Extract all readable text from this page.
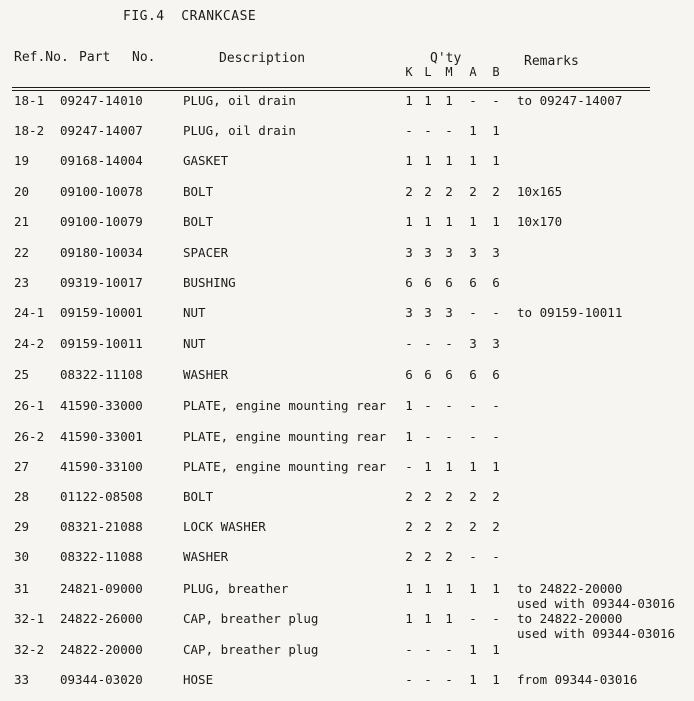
FIG.4  CRANKCASE
Ref.No. Part No.	Description	Q'ty	Remarks
K L	M	A	B
18-1 09247-14010	PLUG, oil drain	1 1	1	-	-	to 09247-14007
18-2 09247-14007	PLUG, oil drain	- -	-	1	1
19 09168-14004	GASKET	1 1	1	1	1
20 09100-10078	BOLT	2 2	2	2	2	10x165
21 09100-10079	BOLT	1 1	1	1	1	10x170
22 09180-10034	SPACER	3 3	3	3	3
23 09319-10017	BUSHING	6 6	6	6	6
24-1 09159-10001	NUT	3 3	3	-	-	to 09159-10011
24-2 09159-10011	NUT	- -	-	3	3
25 08322-11108	WASHER	6 6	6	6	6
26-1 41590-33000	PLATE, engine mounting rear	1 -	-	-	-
26-2 41590-33001	PLATE, engine mounting rear	1 -	-	-	-
27 41590-33100	PLATE, engine mounting rear	- 1	1	1	1
28 01122-08508	BOLT	2 2	2	2	2
29 08321-21088	LOCK WASHER	2 2	2	2	2
30 08322-11088	WASHER	2 2	2	-	-
31 24821-09000	PLUG, breather	1 1	1	1	1	to 24822-20000
used with 09344-03016
32-1 24822-26000	CAP, breather plug	1 1	1	-	-	to 24822-20000
used with 09344-03016
32-2 24822-20000	CAP, breather plug	- -	-	1	1
33 09344-03020	HOSE	- -	-	1	1	from 09344-03016
